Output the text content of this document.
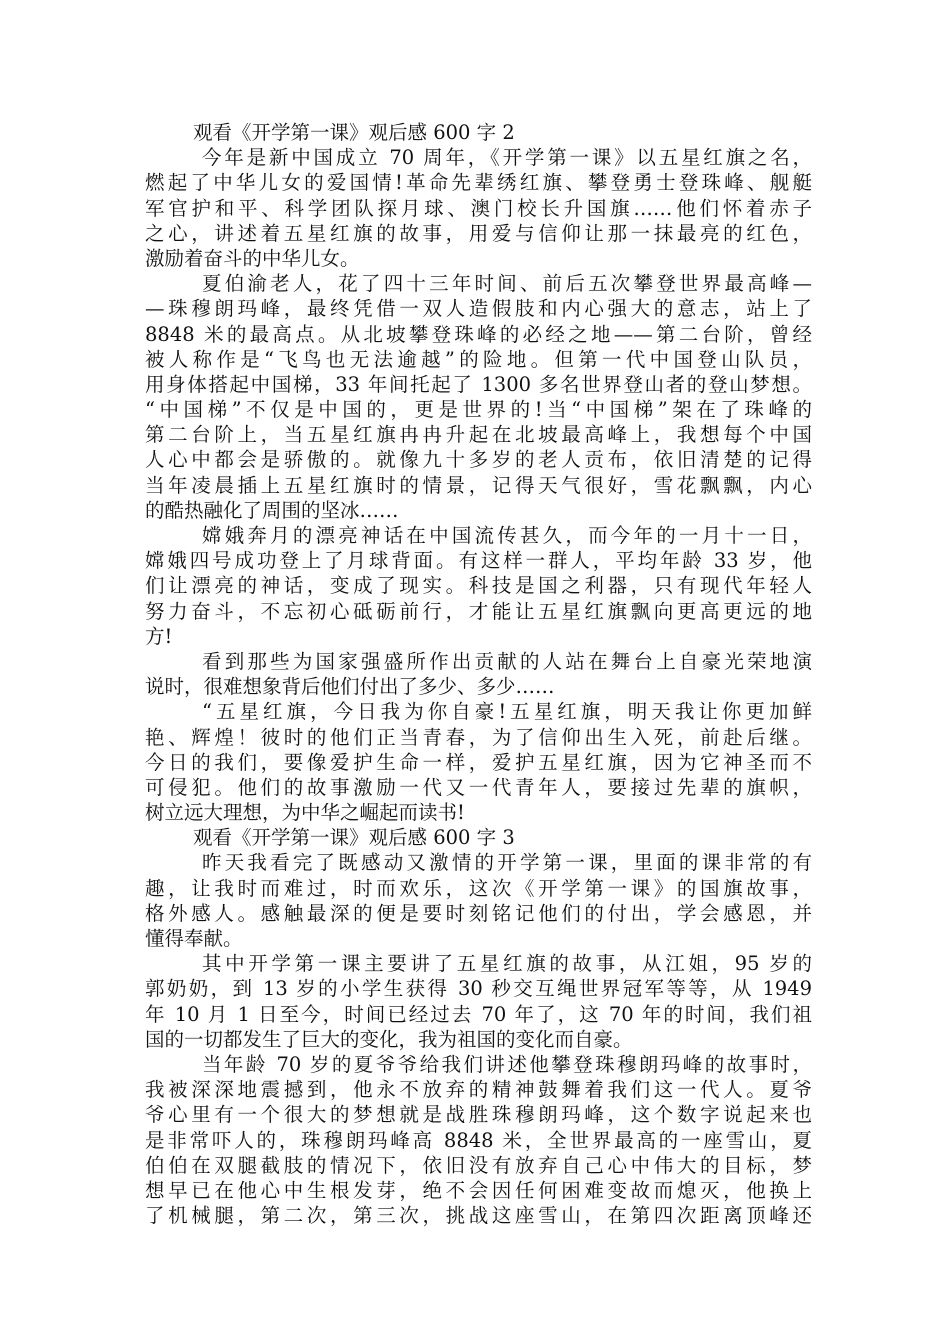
观看《开学第一课》观后感 600 字 2
今年是新中国成立 70 周年，《开学第一课》以五星红旗之名，
燃起了中华儿女的爱国情!革命先辈绣红旗、攀登勇士登珠峰、舰艇
军官护和平、科学团队探月球、澳门校长升国旗……他们怀着赤子
之心，讲述着五星红旗的故事，用爱与信仰让那一抹最亮的红色，
激励着奋斗的中华儿女。
夏伯渝老人，花了四十三年时间、前后五次攀登世界最高峰—
—珠穆朗玛峰，最终凭借一双人造假肢和内心强大的意志，站上了
8848 米的最高点。从北坡攀登珠峰的必经之地——第二台阶，曾经
被人称作是“飞鸟也无法逾越”的险地。但第一代中国登山队员，
用身体搭起中国梯，33 年间托起了 1300 多名世界登山者的登山梦想。
“中国梯”不仅是中国的，更是世界的!当“中国梯”架在了珠峰的
第二台阶上，当五星红旗冉冉升起在北坡最高峰上，我想每个中国
人心中都会是骄傲的。就像九十多岁的老人贡布，依旧清楚的记得
当年凌晨插上五星红旗时的情景，记得天气很好，雪花飘飘，内心
的酷热融化了周围的坚冰……
嫦娥奔月的漂亮神话在中国流传甚久，而今年的一月十一日，
嫦娥四号成功登上了月球背面。有这样一群人，平均年龄 33 岁，他
们让漂亮的神话，变成了现实。科技是国之利器，只有现代年轻人
努力奋斗，不忘初心砥砺前行，才能让五星红旗飘向更高更远的地
方!
看到那些为国家强盛所作出贡献的人站在舞台上自豪光荣地演
说时，很难想象背后他们付出了多少、多少……
“五星红旗，今日我为你自豪!五星红旗，明天我让你更加鲜
艳、辉煌！彼时的他们正当青春，为了信仰出生入死，前赴后继。
今日的我们，要像爱护生命一样，爱护五星红旗，因为它神圣而不
可侵犯。他们的故事激励一代又一代青年人，要接过先辈的旗帜，
树立远大理想，为中华之崛起而读书!
观看《开学第一课》观后感 600 字 3
昨天我看完了既感动又激情的开学第一课，里面的课非常的有
趣，让我时而难过，时而欢乐，这次《开学第一课》的国旗故事，
格外感人。感触最深的便是要时刻铭记他们的付出，学会感恩，并
懂得奉献。
其中开学第一课主要讲了五星红旗的故事，从江姐，95 岁的
郭奶奶，到 13 岁的小学生获得 30 秒交互绳世界冠军等等，从 1949
年 10 月 1 日至今，时间已经过去 70 年了，这 70 年的时间，我们祖
国的一切都发生了巨大的变化，我为祖国的变化而自豪。
当年龄 70 岁的夏爷爷给我们讲述他攀登珠穆朗玛峰的故事时，
我被深深地震撼到，他永不放弃的精神鼓舞着我们这一代人。夏爷
爷心里有一个很大的梦想就是战胜珠穆朗玛峰，这个数字说起来也
是非常吓人的，珠穆朗玛峰高 8848 米，全世界最高的一座雪山，夏
伯伯在双腿截肢的情况下，依旧没有放弃自己心中伟大的目标，梦
想早已在他心中生根发芽，绝不会因任何困难变故而熄灭，他换上
了机械腿，第二次，第三次，挑战这座雪山，在第四次距离顶峰还
